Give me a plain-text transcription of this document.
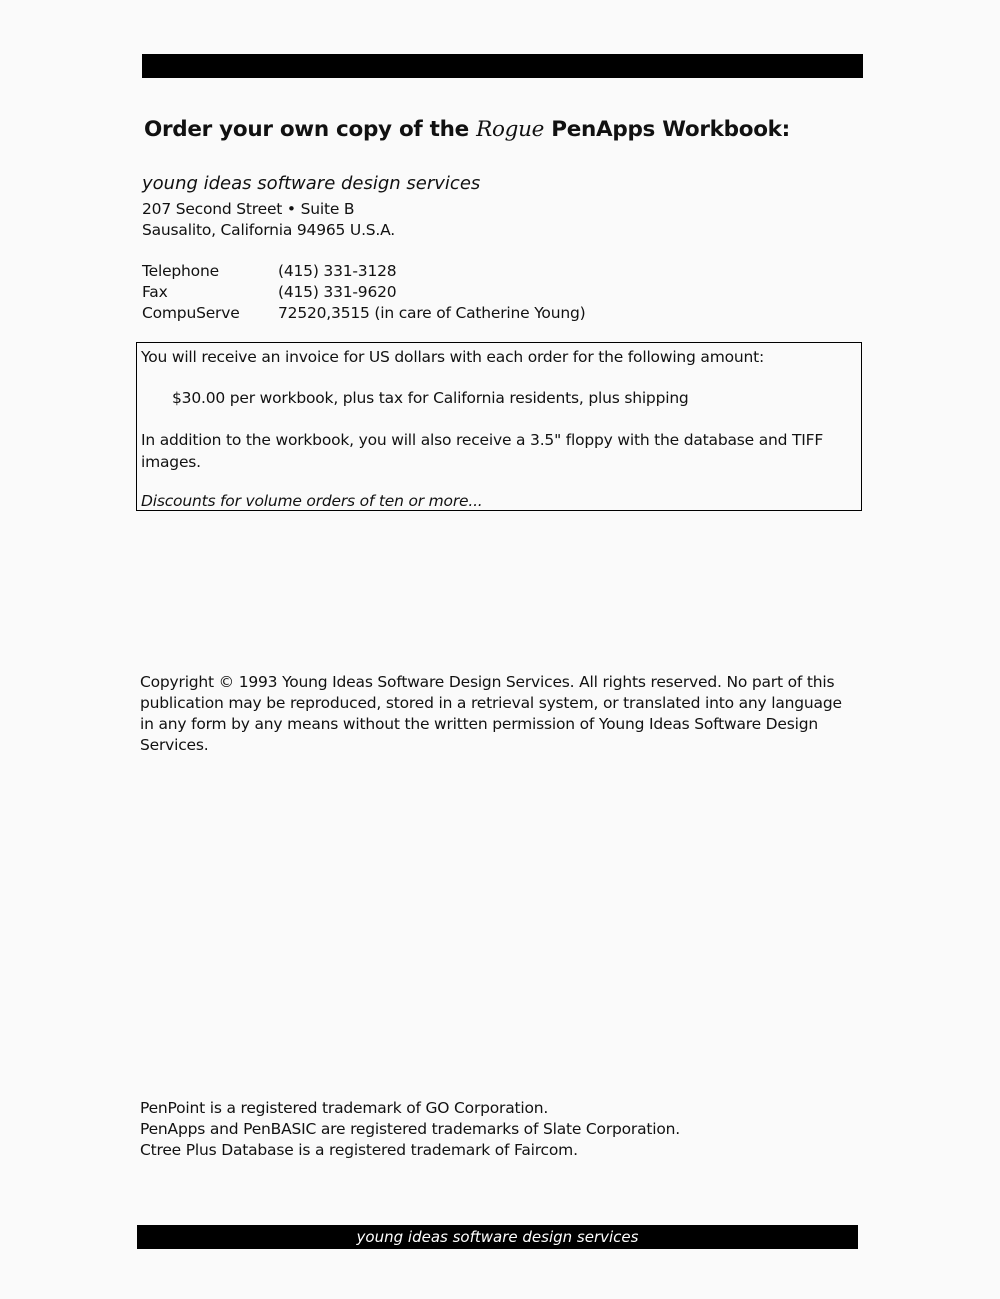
Order your own copy of the Rogue PenApps Workbook:
young ideas software design services
207 Second Street • Suite B
Sausalito, California 94965 U.S.A.
Telephone	(415) 331-3128
Fax	(415) 331-9620
CompuServe 72520,3515 (in care of Catherine Young)
You will receive an invoice for US dollars with each order for the following amount:
$30.00 per workbook, plus tax for California residents, plus shipping
In addition to the workbook, you will also receive a 3.5" floppy with the database and TIFF images.
Discounts for volume orders of ten or more...
Copyright © 1993 Young Ideas Software Design Services. All rights reserved. No part of this publication may be reproduced, stored in a retrieval system, or translated into any language in any form by any means without the written permission of Young Ideas Software Design Services.
PenPoint is a registered trademark of GO Corporation.
PenApps and PenBASIC are registered trademarks of Slate Corporation.
Ctree Plus Database is a registered trademark of Faircom.
young ideas software design services
